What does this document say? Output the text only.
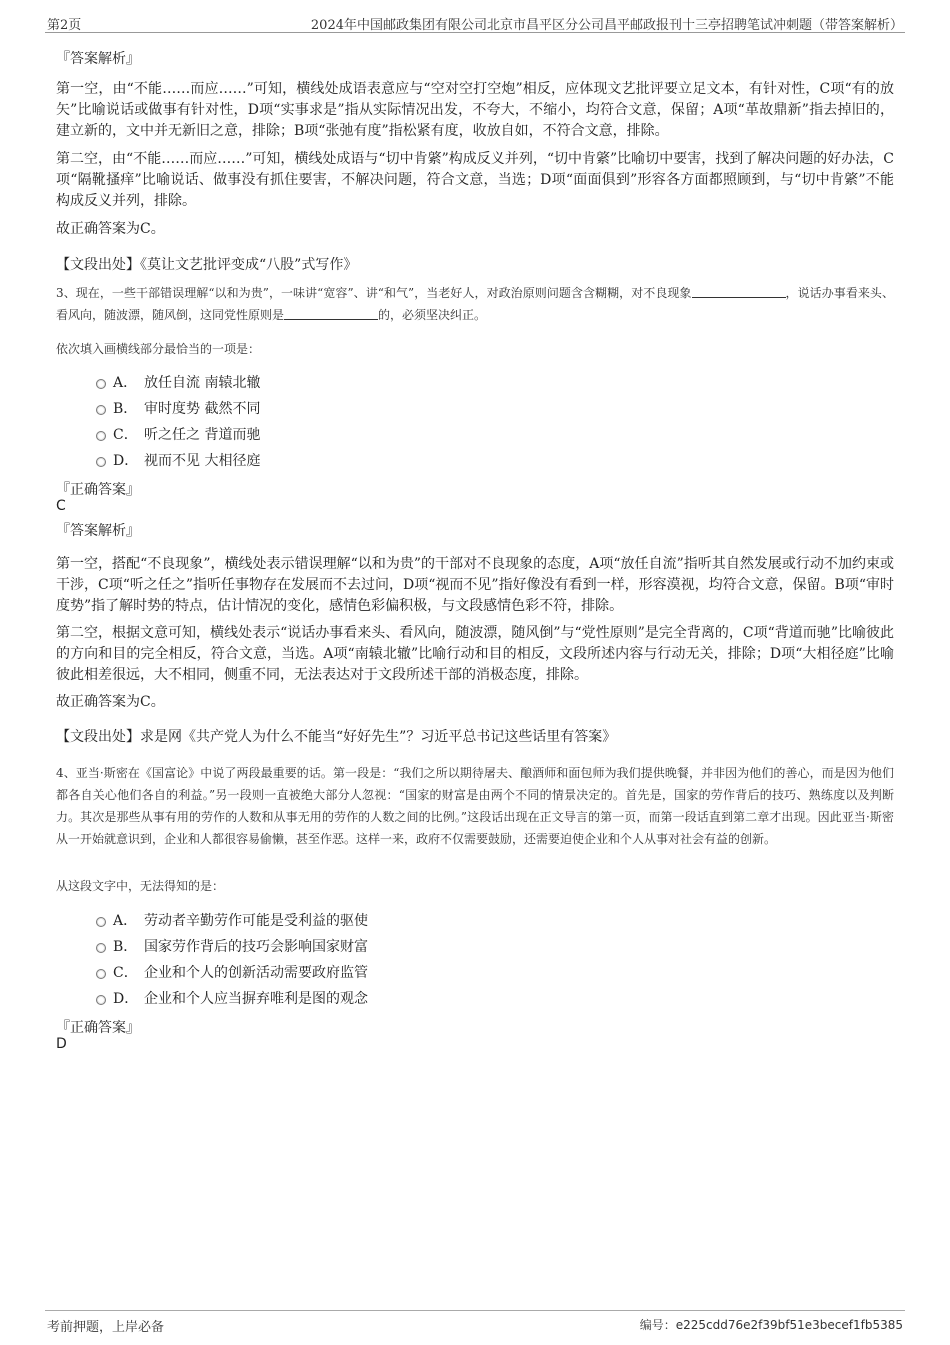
第2页	2024年中国邮政集团有限公司北京市昌平区分公司昌平邮政报刊十三亭招聘笔试冲刺题（带答案解析）
『答案解析』
第一空，由“不能……而应……”可知，横线处成语表意应与“空对空打空炮”相反，应体现文艺批评要立足文本，有针对性，C项“有的放矢”比喻说话或做事有针对性，D项“实事求是”指从实际情况出发，不夸大，不缩小，均符合文意，保留；A项“革故鼎新”指去掉旧的，建立新的，文中并无新旧之意，排除；B项“张弛有度”指松紧有度，收放自如，不符合文意，排除。
第二空，由“不能……而应……”可知，横线处成语与“切中肯綮”构成反义并列，“切中肯綮”比喻切中要害，找到了解决问题的好办法，C项“隔靴搔痒”比喻说话、做事没有抓住要害，不解决问题，符合文意，当选；D项“面面俱到”形容各方面都照顾到，与“切中肯綮”不能构成反义并列，排除。
故正确答案为C。
【文段出处】《莫让文艺批评变成“八股”式写作》
3、现在，一些干部错误理解“以和为贵”，一味讲“宽容”、讲“和气”，当老好人，对政治原则问题含含糊糊，对不良现象	，说话办事看来头、看风向，随波漂，随风倒，这同党性原则是	的，必须坚决纠正。
依次填入画横线部分最恰当的一项是：
A． 放任自流 南辕北辙
B． 审时度势 截然不同
C． 听之任之 背道而驰
D． 视而不见 大相径庭
『正确答案』
C
『答案解析』
第一空，搭配“不良现象”，横线处表示错误理解“以和为贵”的干部对不良现象的态度，A项“放任自流”指听其自然发展或行动不加约束或干涉，C项“听之任之”指听任事物存在发展而不去过问，D项“视而不见”指好像没有看到一样，形容漠视，均符合文意，保留。B项“审时度势”指了解时势的特点，估计情况的变化，感情色彩偏积极，与文段感情色彩不符，排除。
第二空，根据文意可知，横线处表示“说话办事看来头、看风向，随波漂，随风倒”与“党性原则”是完全背离的，C项“背道而驰”比喻彼此的方向和目的完全相反，符合文意，当选。A项“南辕北辙”比喻行动和目的相反，文段所述内容与行动无关，排除；D项“大相径庭”比喻彼此相差很远，大不相同，侧重不同，无法表达对于文段所述干部的消极态度，排除。
故正确答案为C。
【文段出处】求是网《共产党人为什么不能当“好好先生”？习近平总书记这些话里有答案》
4、亚当·斯密在《国富论》中说了两段最重要的话。第一段是：“我们之所以期待屠夫、酿酒师和面包师为我们提供晚餐，并非因为他们的善心，而是因为他们都各自关心他们各自的利益。”另一段则一直被绝大部分人忽视：“国家的财富是由两个不同的情景决定的。首先是，国家的劳作背后的技巧、熟练度以及判断力。其次是那些从事有用的劳作的人数和从事无用的劳作的人数之间的比例。”这段话出现在正文导言的第一页，而第一段话直到第二章才出现。因此亚当·斯密从一开始就意识到，企业和人都很容易偷懒，甚至作恶。这样一来，政府不仅需要鼓励，还需要迫使企业和个人从事对社会有益的创新。
从这段文字中，无法得知的是：
A． 劳动者辛勤劳作可能是受利益的驱使
B． 国家劳作背后的技巧会影响国家财富
C． 企业和个人的创新活动需要政府监管
D． 企业和个人应当摒弃唯利是图的观念
『正确答案』
D
考前押题，上岸必备	编号：e225cdd76e2f39bf51e3becef1fb5385
